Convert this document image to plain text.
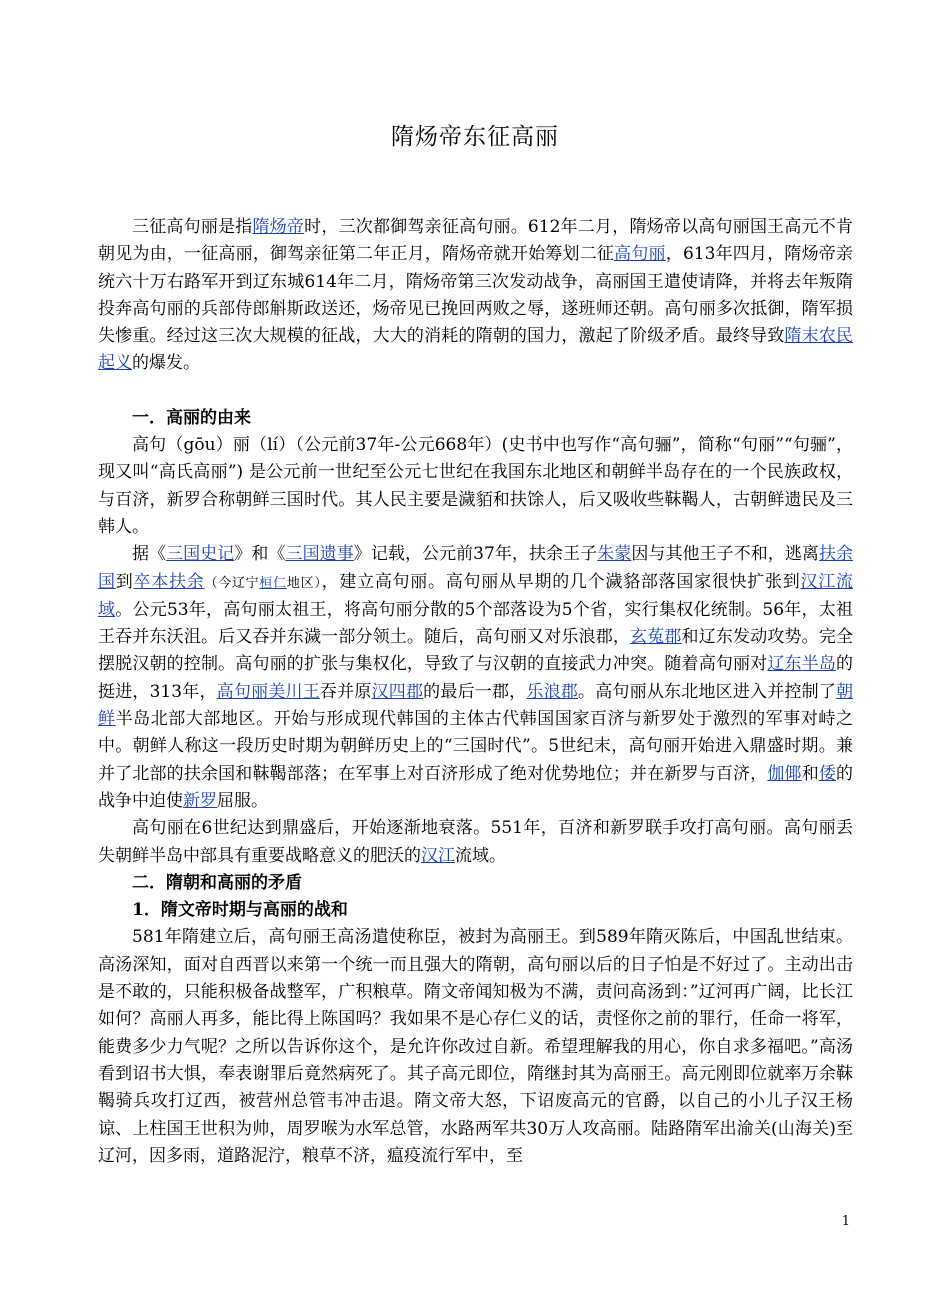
隋炀帝东征高丽

三征高句丽是指隋炀帝时，三次都御驾亲征高句丽。612年二月，隋炀帝以高句丽国王高元不肯朝见为由，一征高丽，御驾亲征第二年正月，隋炀帝就开始筹划二征高句丽，613年四月，隋炀帝亲统六十万右路军开到辽东城614年二月，隋炀帝第三次发动战争，高丽国王遣使请降，并将去年叛隋投奔高句丽的兵部侍郎斛斯政送还，炀帝见已挽回两败之辱，遂班师还朝。高句丽多次抵御，隋军损失惨重。经过这三次大规模的征战，大大的消耗的隋朝的国力，激起了阶级矛盾。最终导致隋末农民起义的爆发。

一．高丽的由来

高句（gōu）丽（lí）（公元前37年-公元668年）(史书中也写作“高句骊”，简称“句丽”“句骊”，现又叫“高氏高丽”) 是公元前一世纪至公元七世纪在我国东北地区和朝鲜半岛存在的一个民族政权，与百济，新罗合称朝鲜三国时代。其人民主要是濊貊和扶馀人，后又吸收些靺鞨人，古朝鲜遗民及三韩人。

据《三国史记》和《三国遗事》记载，公元前37年，扶余王子朱蒙因与其他王子不和，逃离扶余国到卒本扶余（今辽宁桓仁地区），建立高句丽。高句丽从早期的几个濊貉部落国家很快扩张到汉江流域。公元53年，高句丽太祖王，将高句丽分散的5个部落设为5个省，实行集权化统制。56年，太祖王吞并东沃沮。后又吞并东濊一部分领土。随后，高句丽又对乐浪郡，玄菟郡和辽东发动攻势。完全摆脱汉朝的控制。高句丽的扩张与集权化，导致了与汉朝的直接武力冲突。随着高句丽对辽东半岛的挺进，313年，高句丽美川王吞并原汉四郡的最后一郡，乐浪郡。高句丽从东北地区进入并控制了朝鲜半岛北部大部地区。开始与形成现代韩国的主体古代韩国国家百济与新罗处于激烈的军事对峙之中。朝鲜人称这一段历史时期为朝鲜历史上的“三国时代”。5世纪末，高句丽开始进入鼎盛时期。兼并了北部的扶余国和靺鞨部落；在军事上对百济形成了绝对优势地位；并在新罗与百济，伽倻和倭的战争中迫使新罗屈服。

高句丽在6世纪达到鼎盛后，开始逐渐地衰落。551年，百济和新罗联手攻打高句丽。高句丽丢失朝鲜半岛中部具有重要战略意义的肥沃的汉江流域。

二．隋朝和高丽的矛盾
1．隋文帝时期与高丽的战和

581年隋建立后，高句丽王高汤遣使称臣，被封为高丽王。到589年隋灭陈后，中国乱世结束。高汤深知，面对自西晋以来第一个统一而且强大的隋朝，高句丽以后的日子怕是不好过了。主动出击是不敢的，只能积极备战整军，广积粮草。隋文帝闻知极为不满，责问高汤到：”辽河再广阔，比长江如何？高丽人再多，能比得上陈国吗？我如果不是心存仁义的话，责怪你之前的罪行，任命一将军，能费多少力气呢？之所以告诉你这个，是允许你改过自新。希望理解我的用心，你自求多福吧。”高汤看到诏书大惧，奉表谢罪后竟然病死了。其子高元即位，隋继封其为高丽王。高元刚即位就率万余靺鞨骑兵攻打辽西，被营州总管韦冲击退。隋文帝大怒，下诏废高元的官爵，以自己的小儿子汉王杨谅、上柱国王世积为帅，周罗喉为水军总管，水路两军共30万人攻高丽。陆路隋军出渝关(山海关)至辽河，因多雨，道路泥泞，粮草不济，瘟疫流行军中，至

1
